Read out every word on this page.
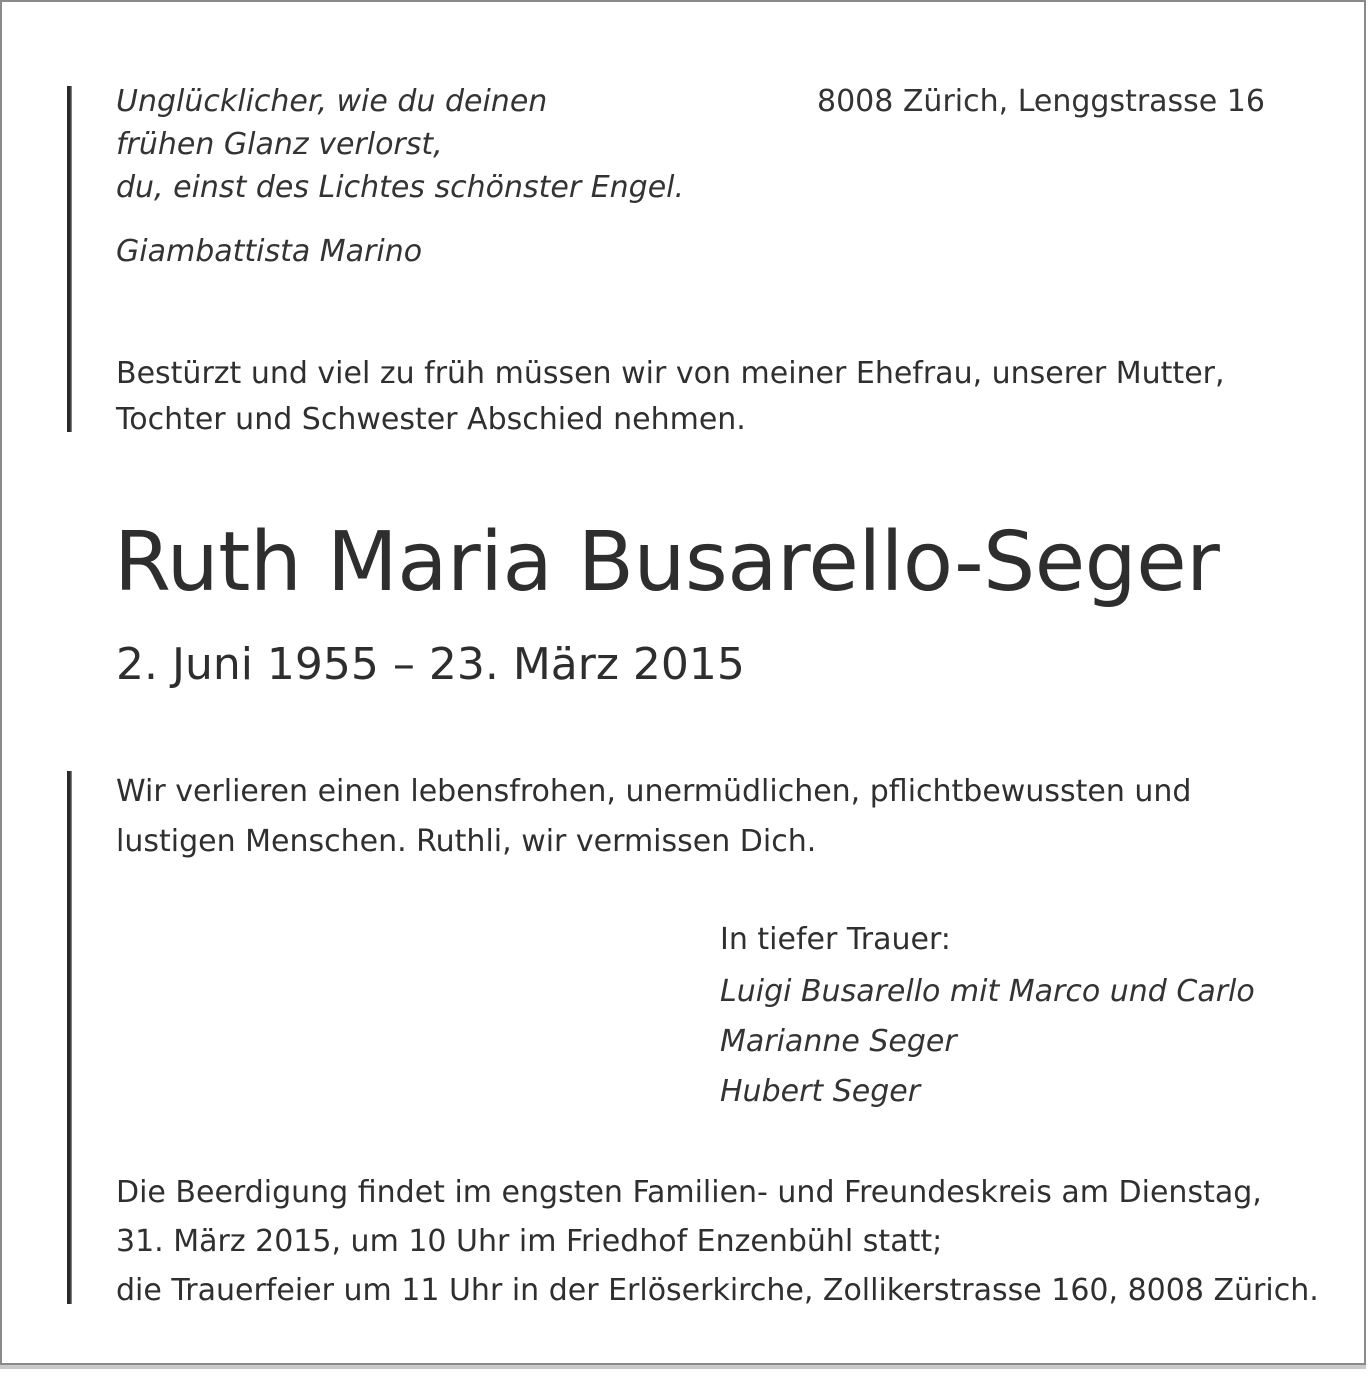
Unglücklicher, wie du deinen
frühen Glanz verlorst,
du, einst des Lichtes schönster Engel.
Giambattista Marino
8008 Zürich, Lenggstrasse 16
Bestürzt und viel zu früh müssen wir von meiner Ehefrau, unserer Mutter,
Tochter und Schwester Abschied nehmen.
Ruth Maria Busarello-Seger
2. Juni 1955 – 23. März 2015
Wir verlieren einen lebensfrohen, unermüdlichen, pflichtbewussten und
lustigen Menschen. Ruthli, wir vermissen Dich.
In tiefer Trauer:
Luigi Busarello mit Marco und Carlo
Marianne Seger
Hubert Seger
Die Beerdigung findet im engsten Familien- und Freundeskreis am Dienstag,
31. März 2015, um 10 Uhr im Friedhof Enzenbühl statt;
die Trauerfeier um 11 Uhr in der Erlöserkirche, Zollikerstrasse 160, 8008 Zürich.
